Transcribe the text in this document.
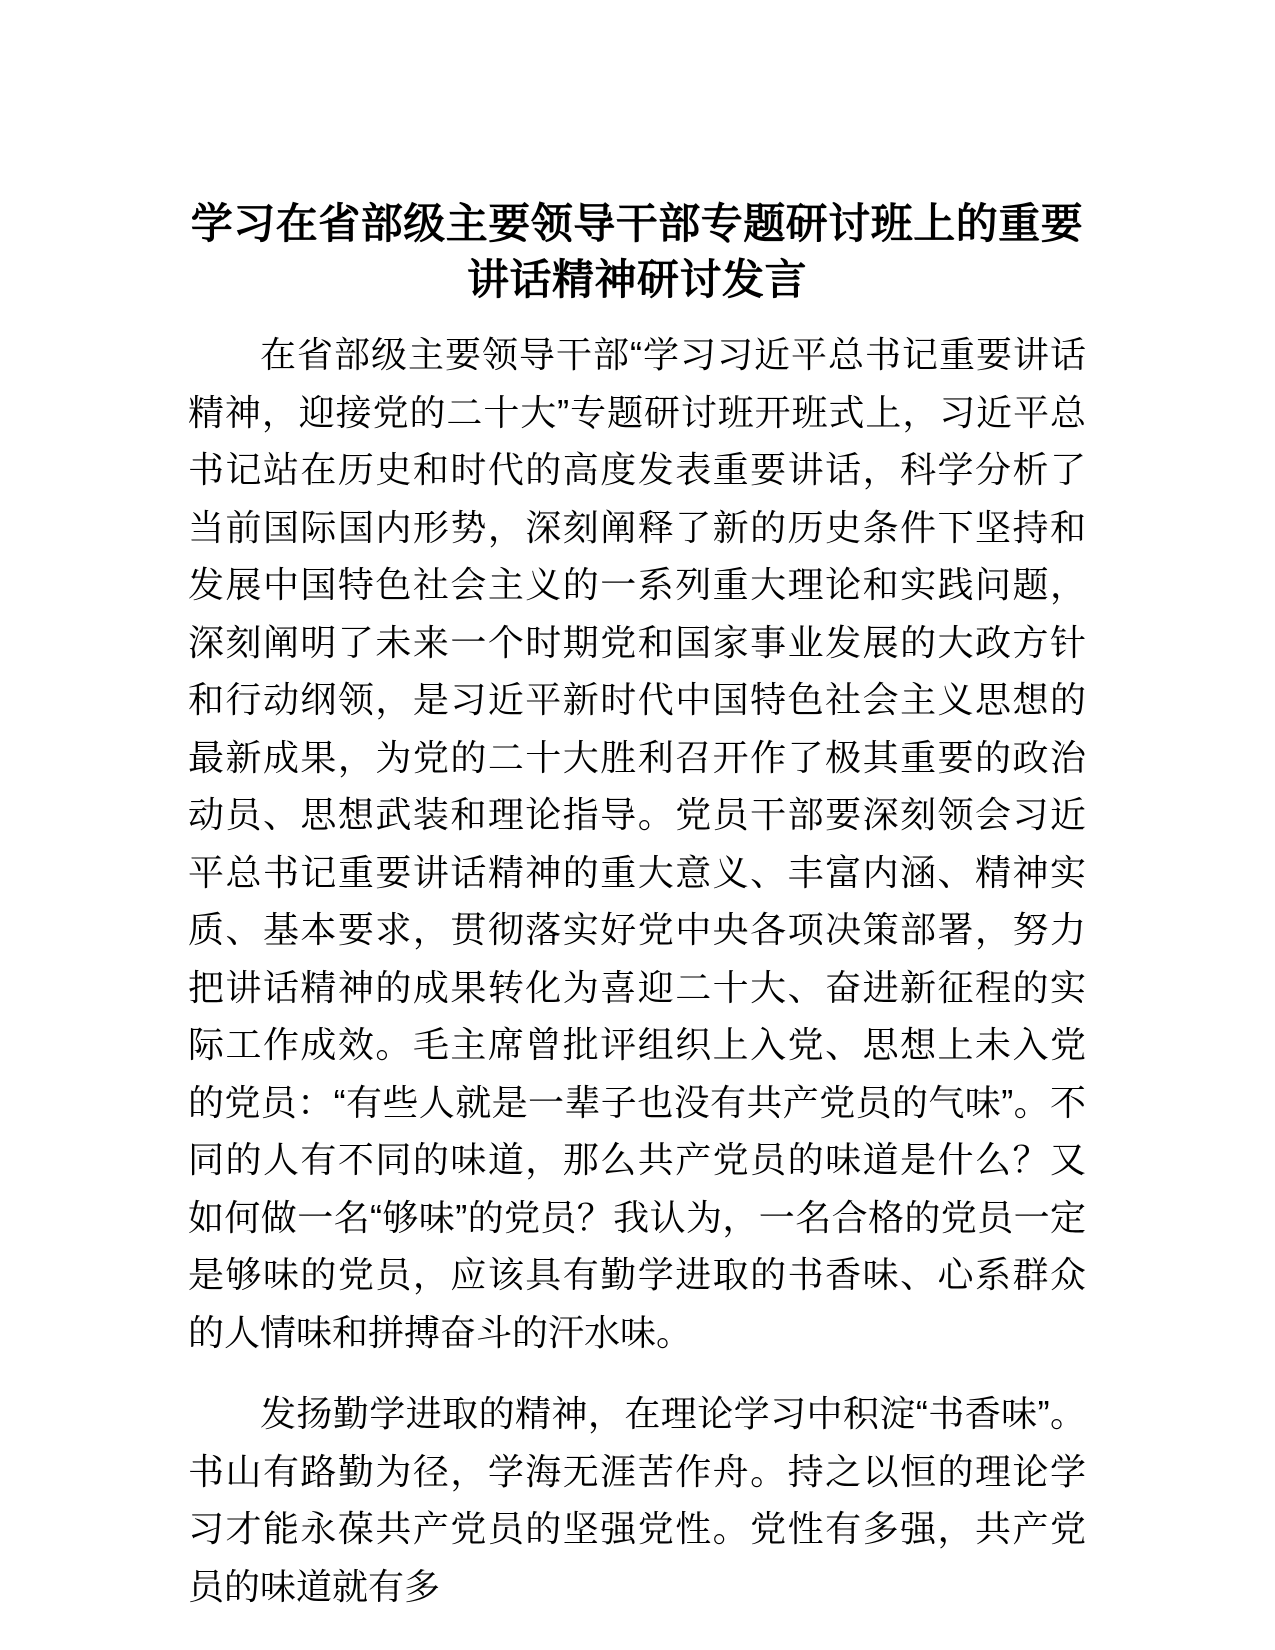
学习在省部级主要领导干部专题研讨班上的重要讲话精神研讨发言

在省部级主要领导干部“学习习近平总书记重要讲话精神，迎接党的二十大”专题研讨班开班式上，习近平总书记站在历史和时代的高度发表重要讲话，科学分析了当前国际国内形势，深刻阐释了新的历史条件下坚持和发展中国特色社会主义的一系列重大理论和实践问题，深刻阐明了未来一个时期党和国家事业发展的大政方针和行动纲领，是习近平新时代中国特色社会主义思想的最新成果，为党的二十大胜利召开作了极其重要的政治动员、思想武装和理论指导。党员干部要深刻领会习近平总书记重要讲话精神的重大意义、丰富内涵、精神实质、基本要求，贯彻落实好党中央各项决策部署，努力把讲话精神的成果转化为喜迎二十大、奋进新征程的实际工作成效。毛主席曾批评组织上入党、思想上未入党的党员：“有些人就是一辈子也没有共产党员的气味”。不同的人有不同的味道，那么共产党员的味道是什么？又如何做一名“够味”的党员？我认为，一名合格的党员一定是够味的党员，应该具有勤学进取的书香味、心系群众的人情味和拼搏奋斗的汗水味。

发扬勤学进取的精神，在理论学习中积淀“书香味”。书山有路勤为径，学海无涯苦作舟。持之以恒的理论学习才能永葆共产党员的坚强党性。党性有多强，共产党员的味道就有多
